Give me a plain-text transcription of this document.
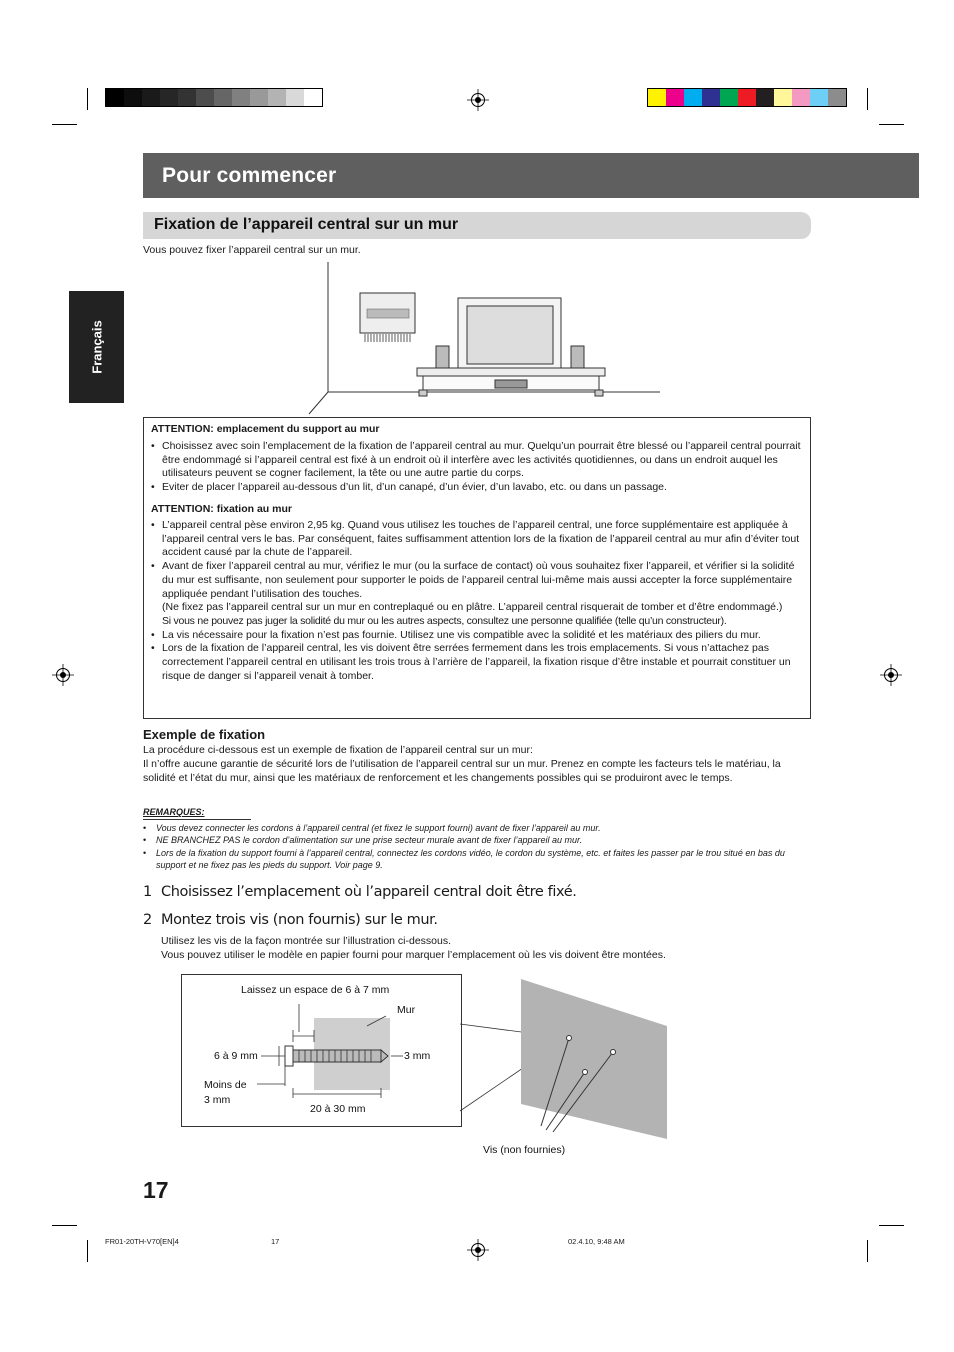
Pour commencer
Fixation de l’appareil central sur un mur
Vous pouvez fixer l’appareil central sur un mur.
Français
ATTENTION: emplacement du support au mur
• Choisissez avec soin l’emplacement de la fixation de l’appareil central au mur. Quelqu’un pourrait être blessé ou l’appareil central pourrait être endommagé si l’appareil central est fixé à un endroit où il interfère avec les activités quotidiennes, ou dans un endroit auquel les utilisateurs peuvent se cogner facilement, la tête ou une autre partie du corps.
• Eviter de placer l’appareil au-dessous d’un lit, d’un canapé, d’un évier, d’un lavabo, etc. ou dans un passage.
ATTENTION: fixation au mur
• L’appareil central pèse environ 2,95 kg. Quand vous utilisez les touches de l’appareil central, une force supplémentaire est appliquée à l’appareil central vers le bas. Par conséquent, faites suffisamment attention lors de la fixation de l’appareil central au mur afin d’éviter tout accident causé par la chute de l’appareil.
• Avant de fixer l’appareil central au mur, vérifiez le mur (ou la surface de contact) où vous souhaitez fixer l’appareil, et vérifier si la solidité du mur est suffisante, non seulement pour supporter le poids de l’appareil central lui-même mais aussi accepter la force supplémentaire appliquée pendant l’utilisation des touches.
(Ne fixez pas l’appareil central sur un mur en contreplaqué ou en plâtre. L’appareil central risquerait de tomber et d’être endommagé.)
Si vous ne pouvez pas juger la solidité du mur ou les autres aspects, consultez une personne qualifiée (telle qu’un constructeur).
• La vis nécessaire pour la fixation n’est pas fournie. Utilisez une vis compatible avec la solidité et les matériaux des piliers du mur.
• Lors de la fixation de l’appareil central, les vis doivent être serrées fermement dans les trois emplacements. Si vous n’attachez pas correctement l’appareil central en utilisant les trois trous à l’arrière de l’appareil, la fixation risque d’être instable et pourrait constituer un risque de danger si l’appareil venait à tomber.
Exemple de fixation
La procédure ci-dessous est un exemple de fixation de l’appareil central sur un mur:
Il n’offre aucune garantie de sécurité lors de l’utilisation de l’appareil central sur un mur. Prenez en compte les facteurs tels le matériau, la solidité et l’état du mur, ainsi que les matériaux de renforcement et les changements possibles qui se produiront avec le temps.
REMARQUES:
• Vous devez connecter les cordons à l’appareil central (et fixez le support fourni) avant de fixer l’appareil au mur.
• NE BRANCHEZ PAS le cordon d’alimentation sur une prise secteur murale avant de fixer l’appareil au mur.
• Lors de la fixation du support fourni à l’appareil central, connectez les cordons vidéo, le cordon du système, etc. et faites les passer par le trou situé en bas du support et ne fixez pas les pieds du support. Voir page 9.
1 Choisissez l’emplacement où l’appareil central doit être fixé.
2 Montez trois vis (non fournis) sur le mur.
Utilisez les vis de la façon montrée sur l’illustration ci-dessous.
Vous pouvez utiliser le modèle en papier fourni pour marquer l’emplacement où les vis doivent être montées.
Laissez un espace de 6 à 7 mm
Mur
6 à 9 mm	3 mm
Moins de
3 mm
20 à 30 mm
Vis (non fournies)
17
FR01-20TH-V70[EN]4	17	02.4.10, 9:48 AM
